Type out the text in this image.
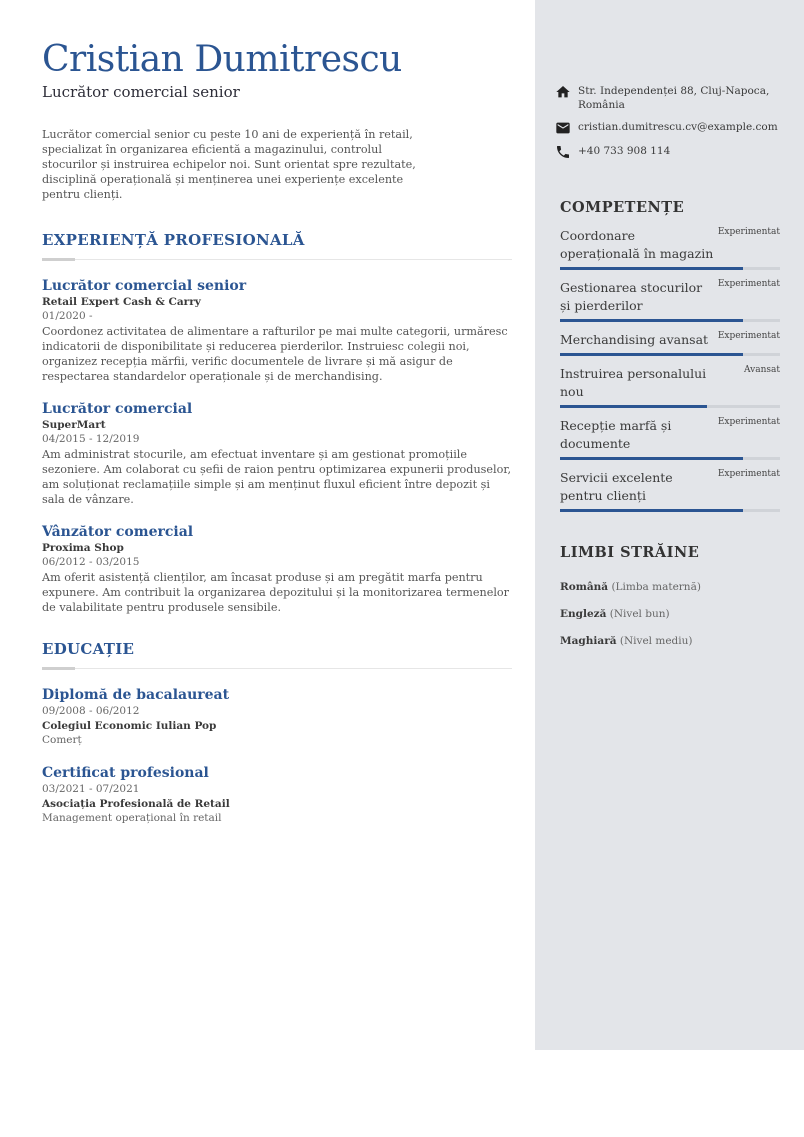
Cristian Dumitrescu
Lucrător comercial senior

Lucrător comercial senior cu peste 10 ani de experiență în retail, specializat în organizarea eficientă a magazinului, controlul stocurilor și instruirea echipelor noi. Sunt orientat spre rezultate, disciplină operațională și menținerea unei experiențe excelente pentru clienți.

EXPERIENȚĂ PROFESIONALĂ
Lucrător comercial senior
Retail Expert Cash & Carry
01/2020 -
Coordonez activitatea de alimentare a rafturilor pe mai multe categorii, urmăresc indicatorii de disponibilitate și reducerea pierderilor. Instruiesc colegii noi, organizez recepția mărfii, verific documentele de livrare și mă asigur de respectarea standardelor operaționale și de merchandising.
Lucrător comercial
SuperMart
04/2015 - 12/2019
Am administrat stocurile, am efectuat inventare și am gestionat promoțiile sezoniere. Am colaborat cu șefii de raion pentru optimizarea expunerii produselor, am soluționat reclamațiile simple și am menținut fluxul eficient între depozit și sala de vânzare.
Vânzător comercial
Proxima Shop
06/2012 - 03/2015
Am oferit asistență clienților, am încasat produse și am pregătit marfa pentru expunere. Am contribuit la organizarea depozitului și la monitorizarea termenelor de valabilitate pentru produsele sensibile.
EDUCAȚIE
Diplomă de bacalaureat
09/2008 - 06/2012
Colegiul Economic Iulian Pop
Comerț
Certificat profesional
03/2021 - 07/2021
Asociația Profesională de Retail
Management operațional în retail
Str. Independenței 88, Cluj-Napoca, România
cristian.dumitrescu.cv@example.com
+40 733 908 114
COMPETENȚE
Coordonare operațională în magazin
Experimentat
Gestionarea stocurilor și pierderilor
Experimentat
Merchandising avansat	Experimentat
Instruirea personalului nou
Avansat
Recepție marfă și documente
Experimentat
Servicii excelente pentru clienți
Experimentat
LIMBI STRĂINE
Română (Limba maternă)
Engleză (Nivel bun)
Maghiară (Nivel mediu)
